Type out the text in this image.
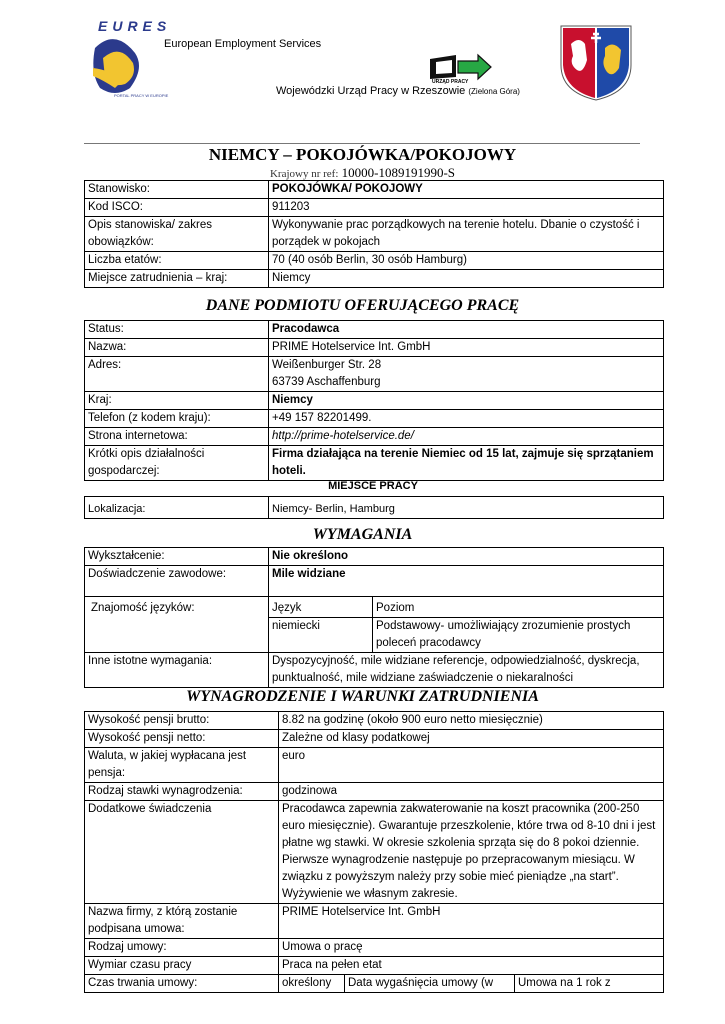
EURES
PORTAL PRACY W EUROPIE
European Employment Services
URZĄD PRACY
Wojewódzki Urząd Pracy w Rzeszowie (Zielona Góra)
NIEMCY – POKOJÓWKA/POKOJOWY
Krajowy nr ref: 10000-1089191990-S
Stanowisko:	POKOJÓWKA/ POKOJOWY
Kod ISCO:	911203
Opis stanowiska/ zakres obowiązków:	Wykonywanie prac porządkowych na terenie hotelu. Dbanie o czystość i porządek w pokojach
Liczba etatów:	70 (40 osób Berlin, 30 osób Hamburg)
Miejsce zatrudnienia – kraj:	Niemcy
DANE PODMIOTU OFERUJĄCEGO PRACĘ
Status:	Pracodawca
Nazwa:	PRIME Hotelservice Int. GmbH
Adres:	Weißenburger Str. 28
63739 Aschaffenburg

Kraj:	Niemcy
Telefon (z kodem kraju):	+49 157 82201499.
Strona internetowa:	http://prime-hotelservice.de/
Krótki opis działalności gospodarczej:	Firma działająca na terenie Niemiec od 15 lat, zajmuje się sprzątaniem hoteli.
MIEJSCE PRACY
Lokalizacja:	Niemcy- Berlin, Hamburg
WYMAGANIA
Wykształcenie:	Nie określono	
Doświadczenie zawodowe:	Mile widziane	
Znajomość języków:	Język	Poziom
	niemiecki	Podstawowy- umożliwiający zrozumienie prostych poleceń pracodawcy
Inne istotne wymagania:	Dyspozycyjność, mile widziane referencje, odpowiedzialność, dyskrecja, punktualność, mile widziane zaświadczenie o niekaralności	
WYNAGRODZENIE I WARUNKI ZATRUDNIENIA
Wysokość pensji brutto:	8.82 na godzinę (około 900 euro netto miesięcznie)		
Wysokość pensji netto:	Zależne od klasy podatkowej		
Waluta, w jakiej wypłacana jest pensja:	euro		
Rodzaj stawki wynagrodzenia:	godzinowa		
Dodatkowe świadczenia	Pracodawca zapewnia zakwaterowanie na koszt pracownika (200-250 euro miesięcznie). Gwarantuje przeszkolenie, które trwa od 8-10 dni i jest płatne wg stawki. W okresie szkolenia sprząta się do 8 pokoi dziennie. Pierwsze wynagrodzenie następuje po przepracowanym miesiącu. W związku z powyższym należy przy sobie mieć pieniądze „na start”. Wyżywienie we własnym zakresie.		
Nazwa firmy, z którą zostanie podpisana umowa:	PRIME Hotelservice Int. GmbH		
Rodzaj umowy:	Umowa o pracę		
Wymiar czasu pracy	Praca na pełen etat		
Czas trwania umowy:	określony	Data wygaśnięcia umowy (w	Umowa na 1 rok z
